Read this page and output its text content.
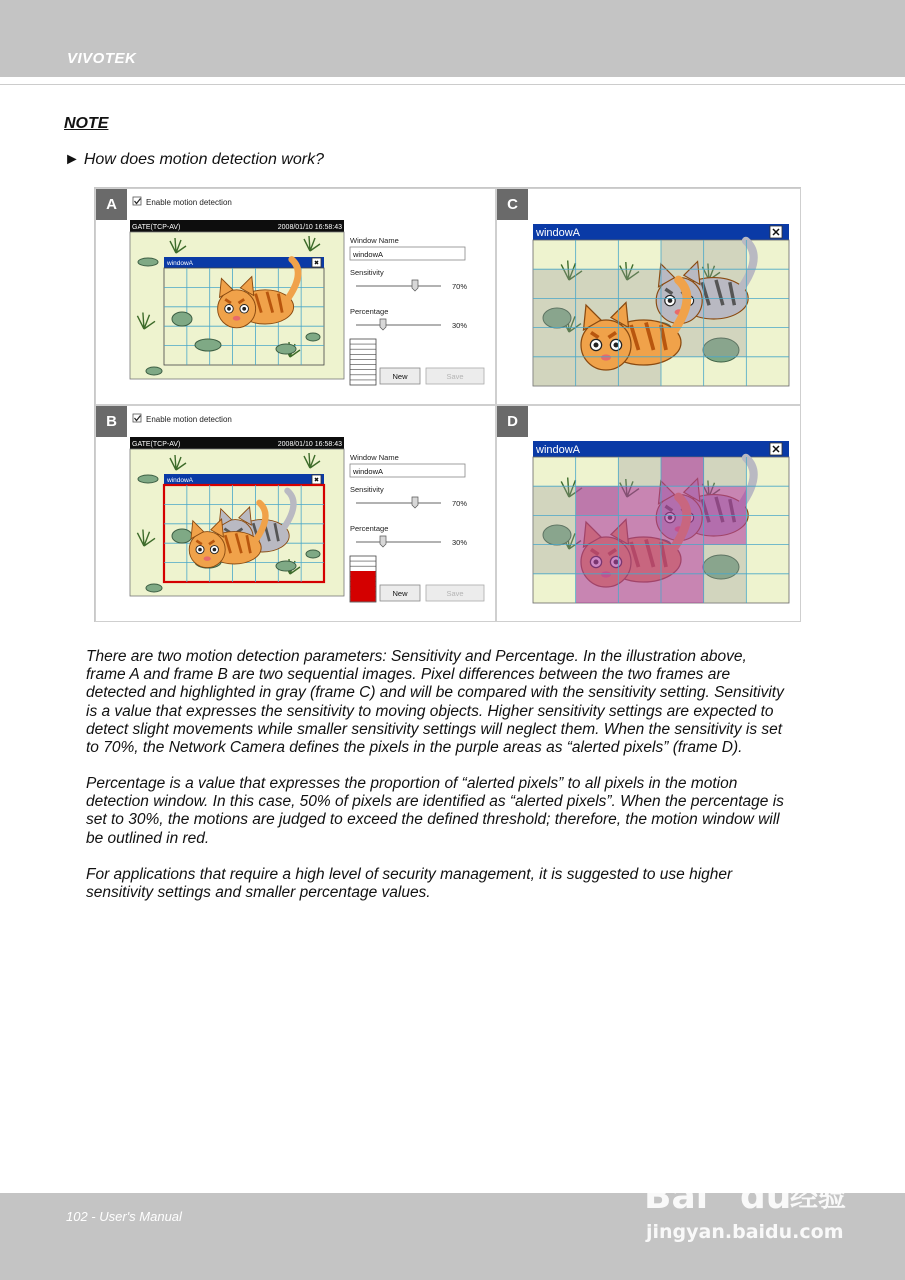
VIVOTEK
NOTE
► How does motion detection work?
Enable motion detection
GATE(TCP-AV)	2008/01/10 16:58:43
windowA
Window Name
windowA
Sensitivity
70%
Percentage
30%
New	Save
A
Enable motion detection
GATE(TCP-AV)	2008/01/10 16:58:43
windowA
Window Name
windowA
Sensitivity
70%
Percentage
30%
New	Save
B
windowA
C
windowA
D
There are two motion detection parameters: Sensitivity and Percentage. In the illustration above,
frame A and frame B are two sequential images. Pixel differences between the two frames are
detected and highlighted in gray (frame C) and will be compared with the sensitivity setting. Sensitivity
is a value that expresses the sensitivity to moving objects. Higher sensitivity settings are expected to
detect slight movements while smaller sensitivity settings will neglect them. When the sensitivity is set
to 70%, the Network Camera defines the pixels in the purple areas as “alerted pixels” (frame D).
Percentage is a value that expresses the proportion of “alerted pixels” to all pixels in the motion
detection window. In this case, 50% of pixels are identified as “alerted pixels”. When the percentage is
set to 30%, the motions are judged to exceed the defined threshold; therefore, the motion window will
be outlined in red.
For applications that require a high level of security management, it is suggested to use higher
sensitivity settings and smaller percentage values.
102 - User's Manual	Bai du
经验
jingyan.baidu.com
